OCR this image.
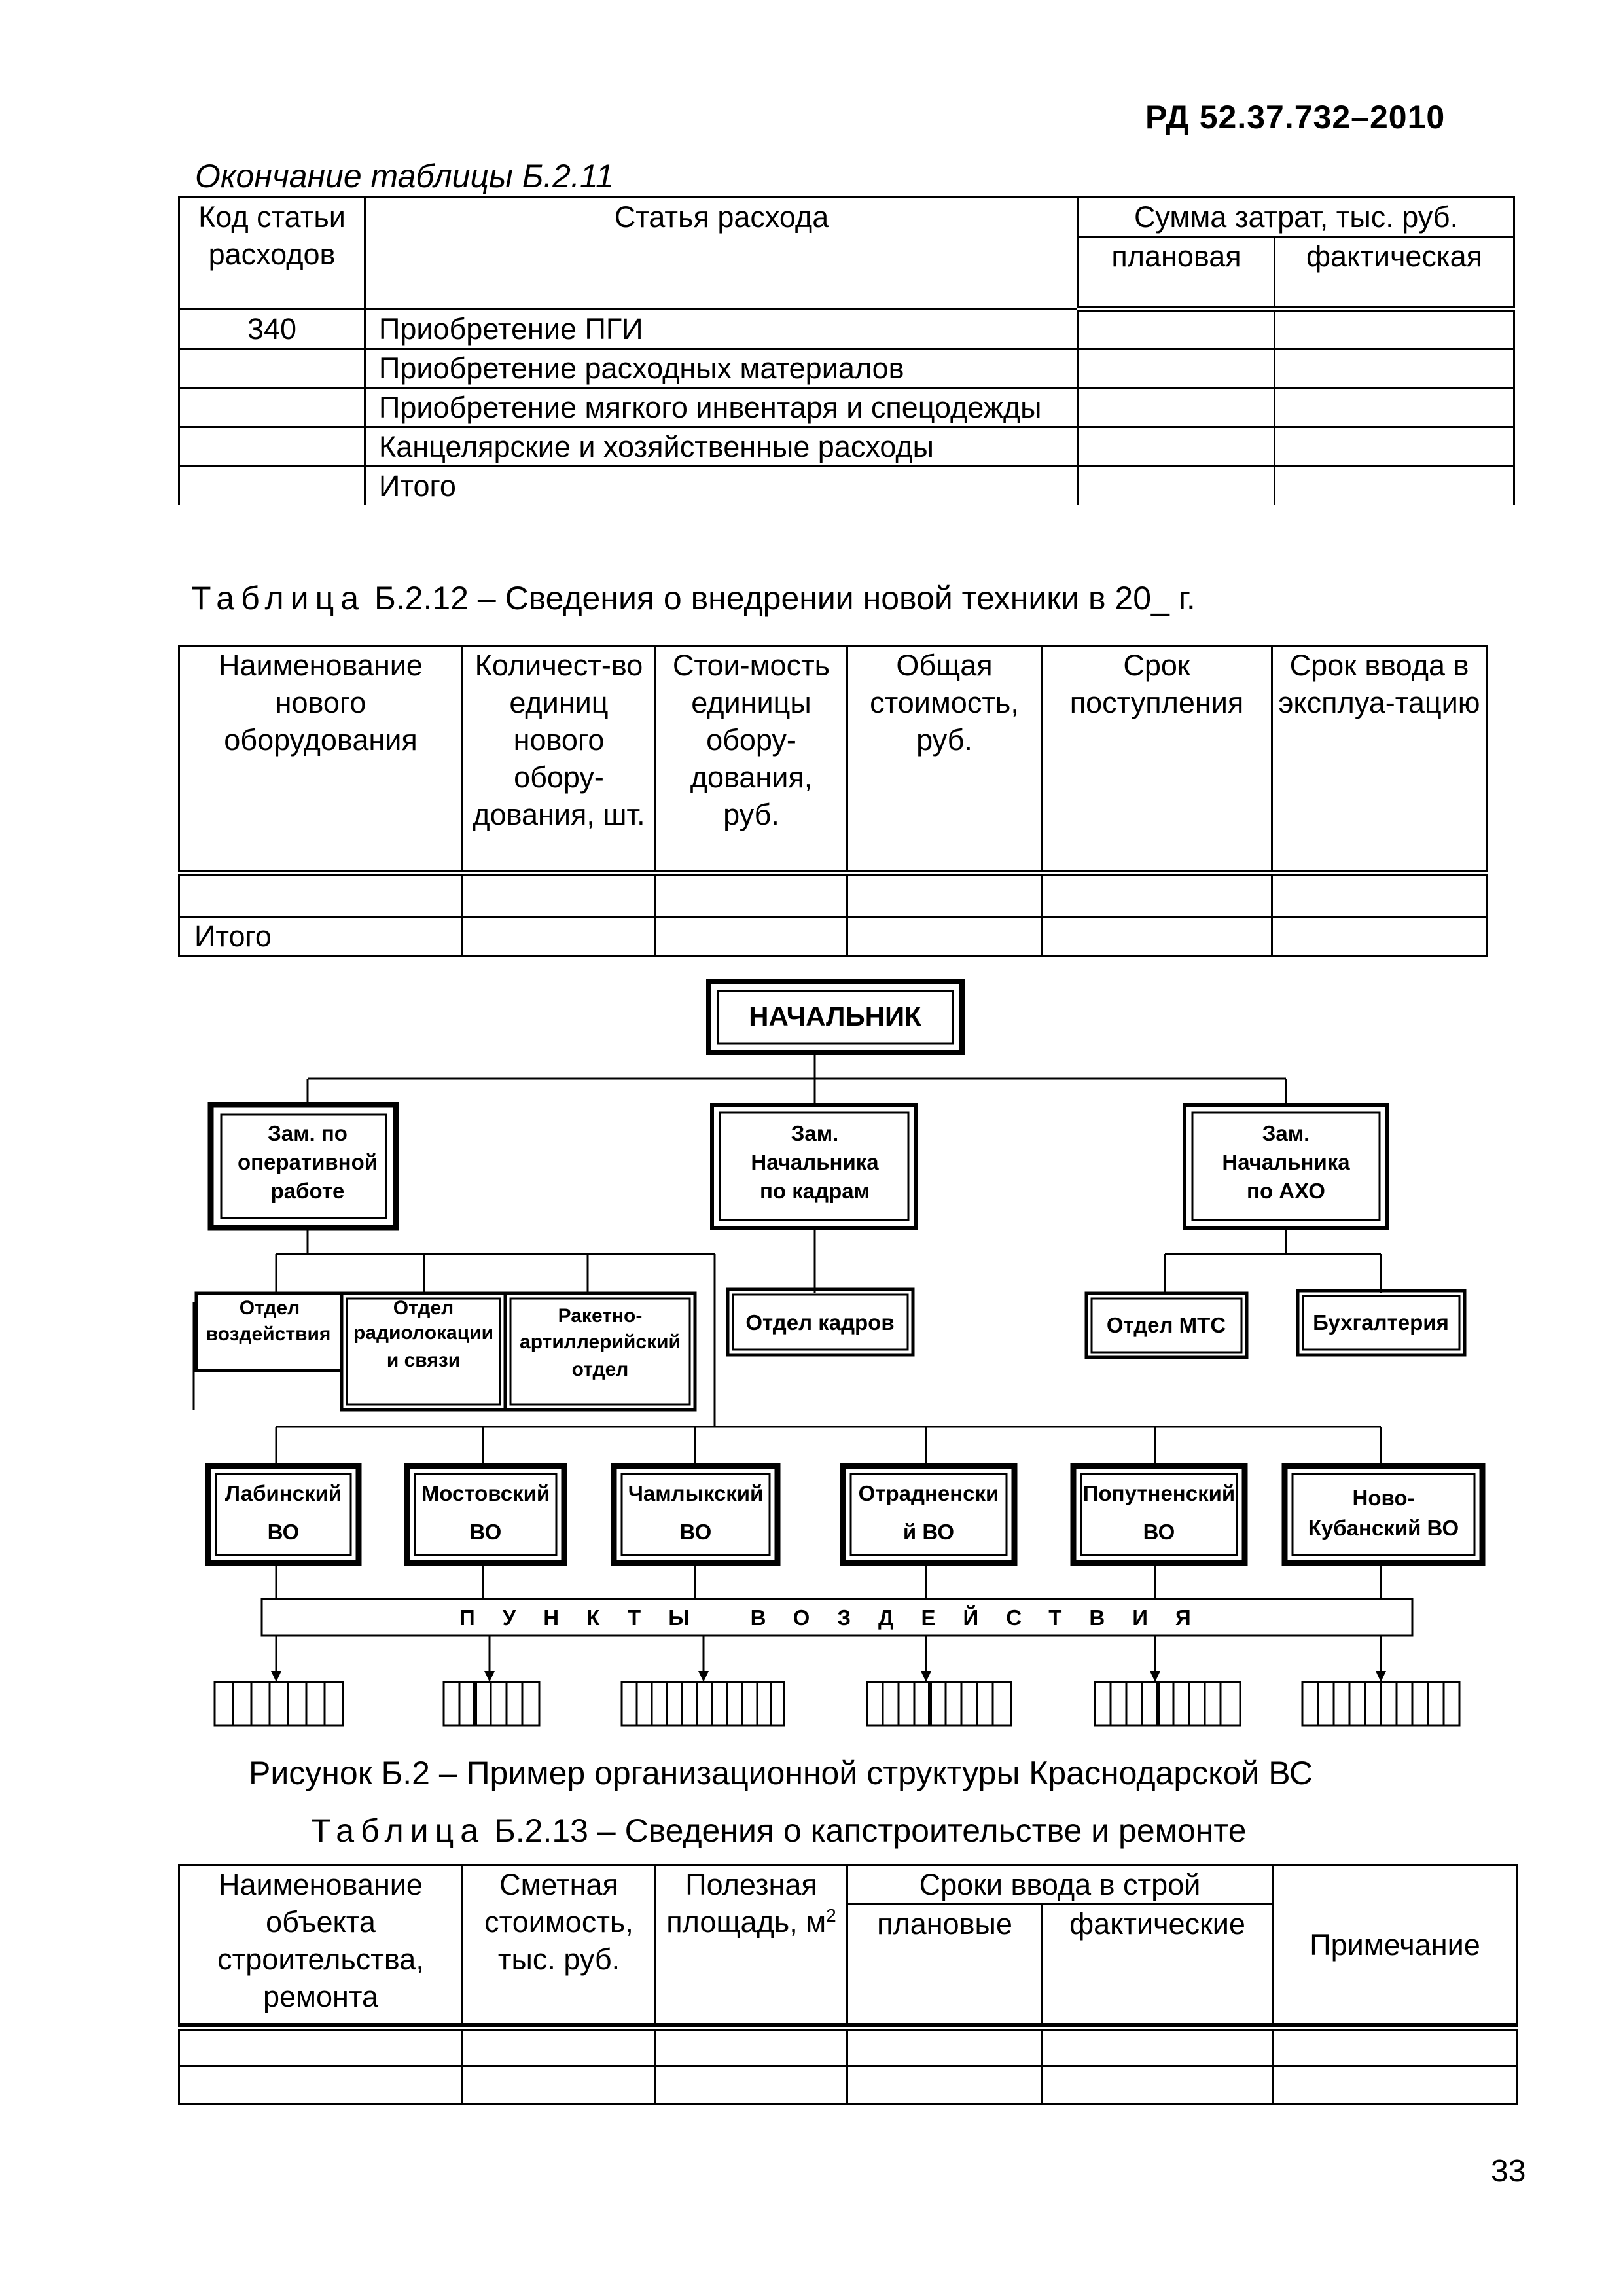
РД 52.37.732–2010
Окончание таблицы Б.2.11
Код статьи расходов	Статья расхода	Сумма затрат, тыс. руб.	
		плановая	фактическая
340	Приобретение ПГИ		
	Приобретение расходных материалов		
	Приобретение мягкого инвентаря и спецодежды		
	Канцелярские и хозяйственные расходы		
	Итого		
Таблица Б.2.12 – Сведения о внедрении новой техники в 20_ г.
Наименование нового оборудования	Количест-во единиц нового обору-дования, шт.	Стои-мость единицы обору-дования, руб.	Общая стоимость, руб.	Срок поступления	Срок ввода в эксплуа-тацию

Итого					
НАЧАЛЬНИК
Зам. по
оперативной
работе
Зам.
Начальника
по кадрам
Зам.
Начальника
по АХО
Отдел
воздействия
Отдел
радиолокации
и связи
Ракетно-
артиллерийский
отдел
Отдел кадров	Отдел МТС	Бухгалтерия
Лабинский
ВО
Мостовский
ВО
Чамлыкский
ВО
Отрадненски
й ВО
Попутненский
ВО
Ново-
Кубанский ВО
ПУНКТЫ ВОЗДЕЙСТВИЯ
Рисунок Б.2 – Пример организационной структуры Краснодарской ВС
Таблица Б.2.13 – Сведения о капстроительстве и ремонте
Наименование объекта строительства, ремонта	Сметная стоимость, тыс. руб.	Полезная площадь, $м^2$	Сроки ввода в строй		Примечание
			плановые	фактические	

33
